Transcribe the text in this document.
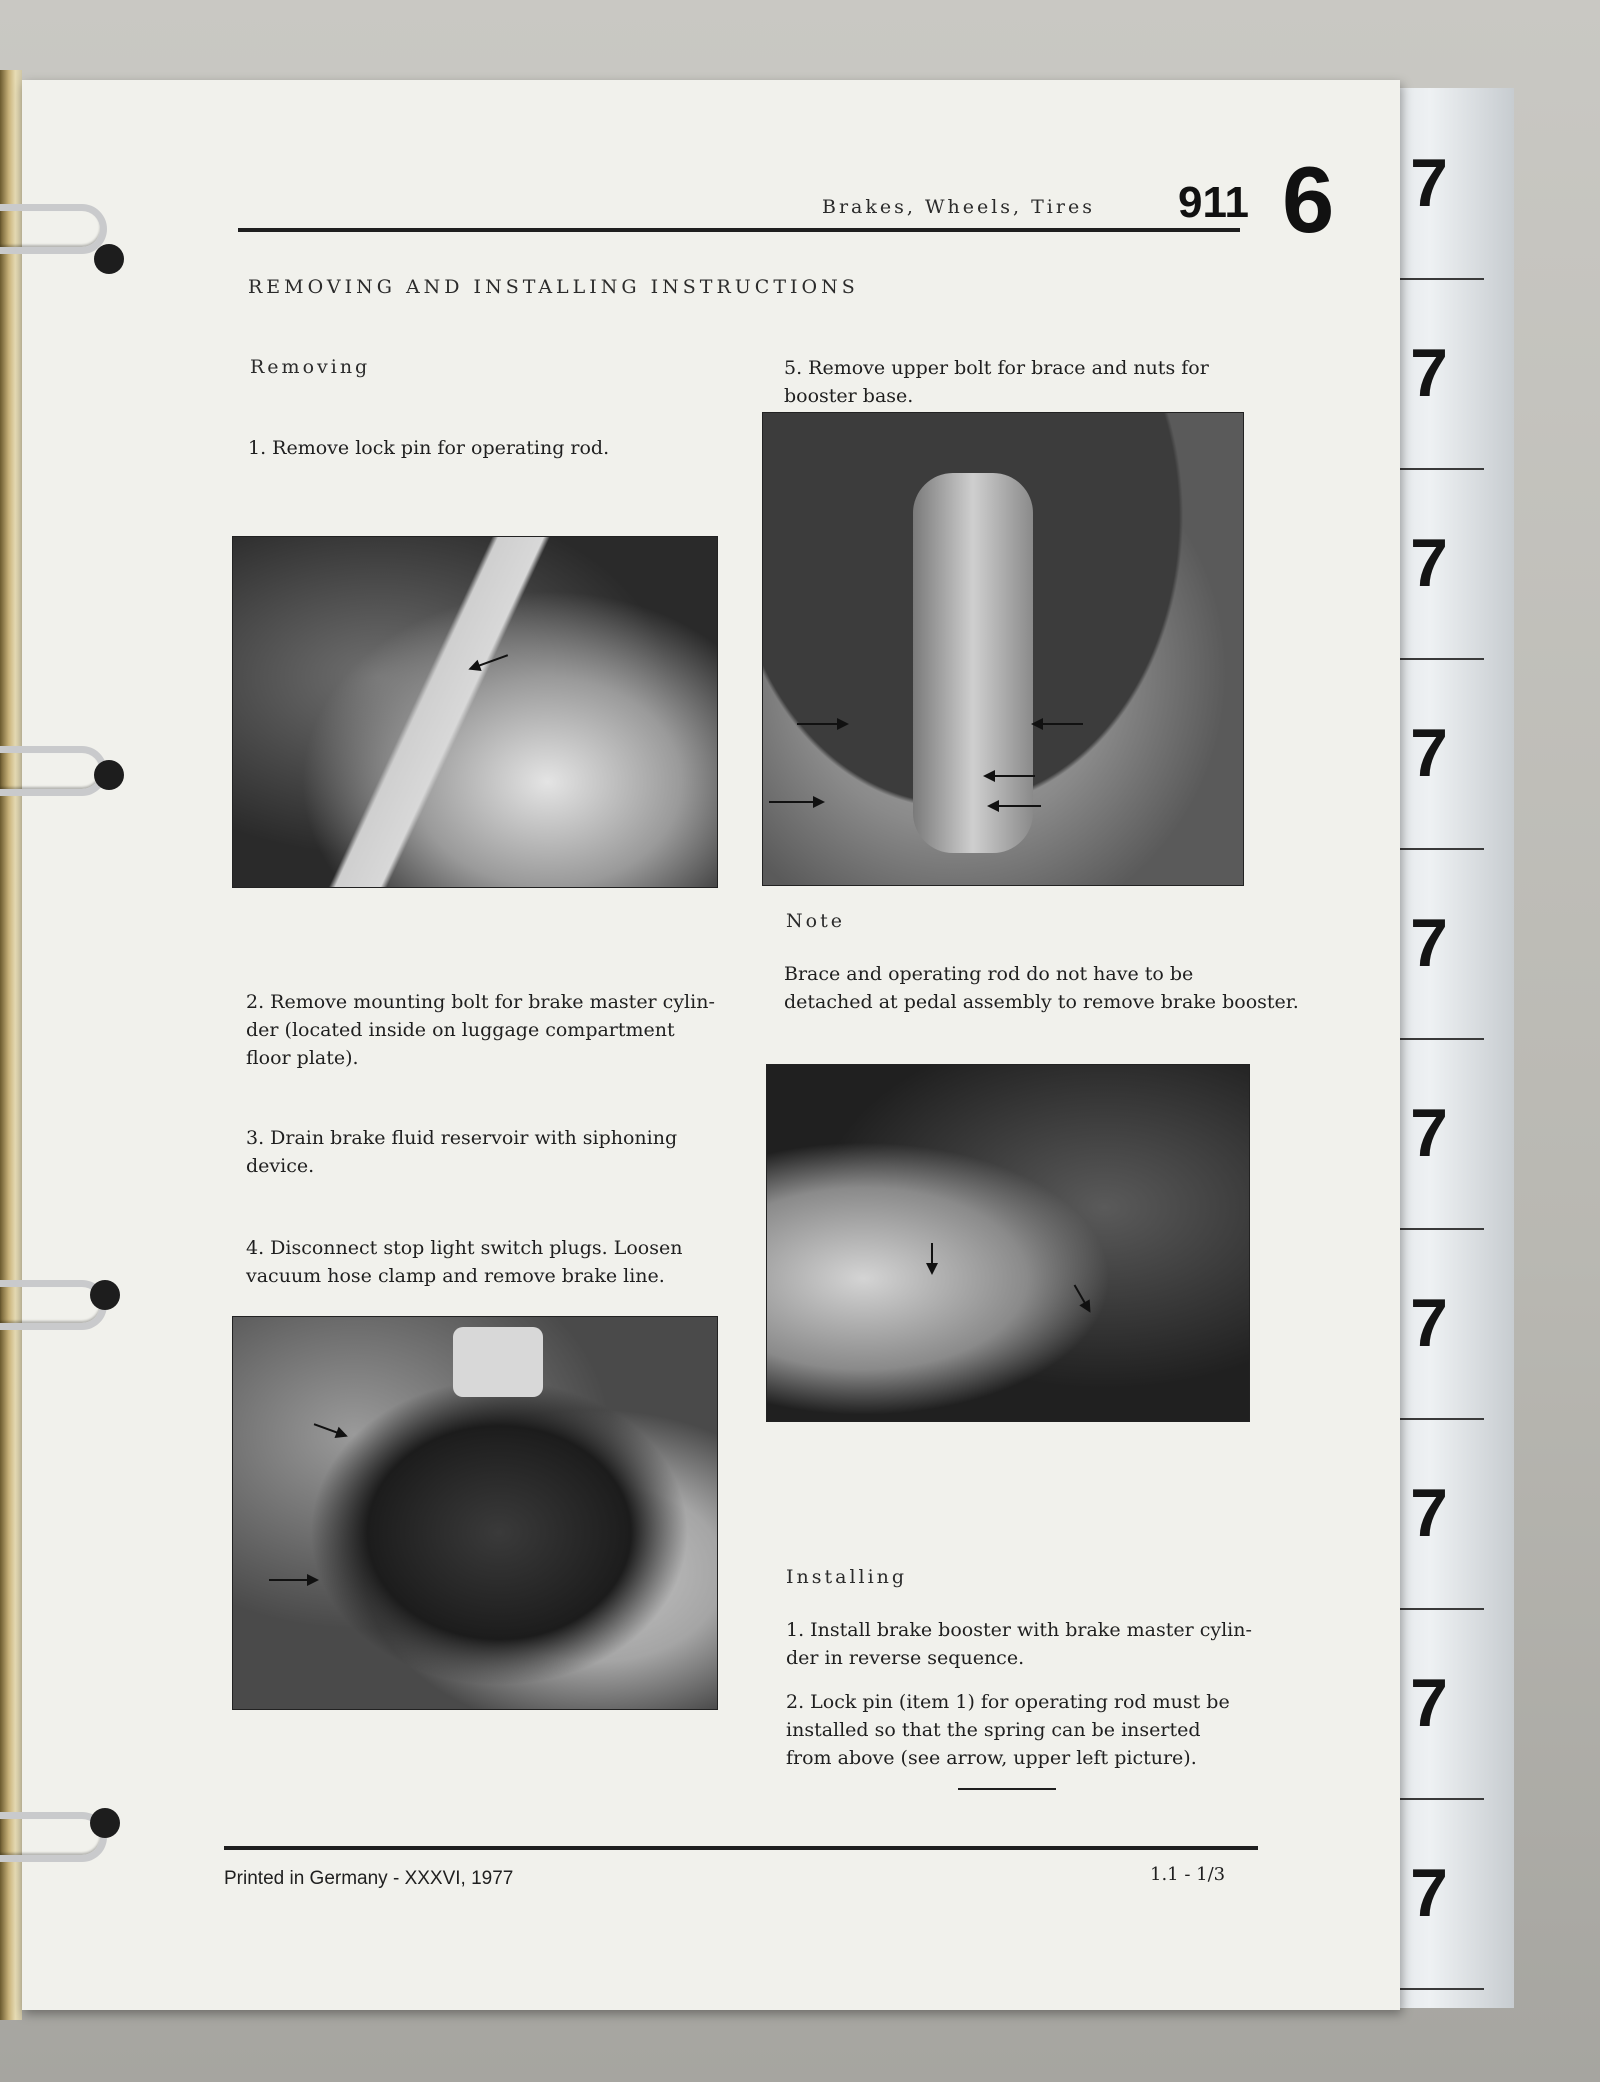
7
7
7
7
7
7
7
7
7
7
Brakes, Wheels, Tires 911 6
REMOVING AND INSTALLING INSTRUCTIONS
Removing
1. Remove lock pin for operating rod.
2. Remove mounting bolt for brake master cylin-
der (located inside on luggage compartment
floor plate).
3. Drain brake fluid reservoir with siphoning
device.
4. Disconnect stop light switch plugs. Loosen
vacuum hose clamp and remove brake line.
5. Remove upper bolt for brace and nuts for
booster base.
Note
Brace and operating rod do not have to be
detached at pedal assembly to remove brake booster.
Installing
1. Install brake booster with brake master cylin-
der in reverse sequence.
2. Lock pin (item 1) for operating rod must be
installed so that the spring can be inserted
from above (see arrow, upper left picture).
Printed in Germany - XXXVI, 1977	1.1 - 1/3
